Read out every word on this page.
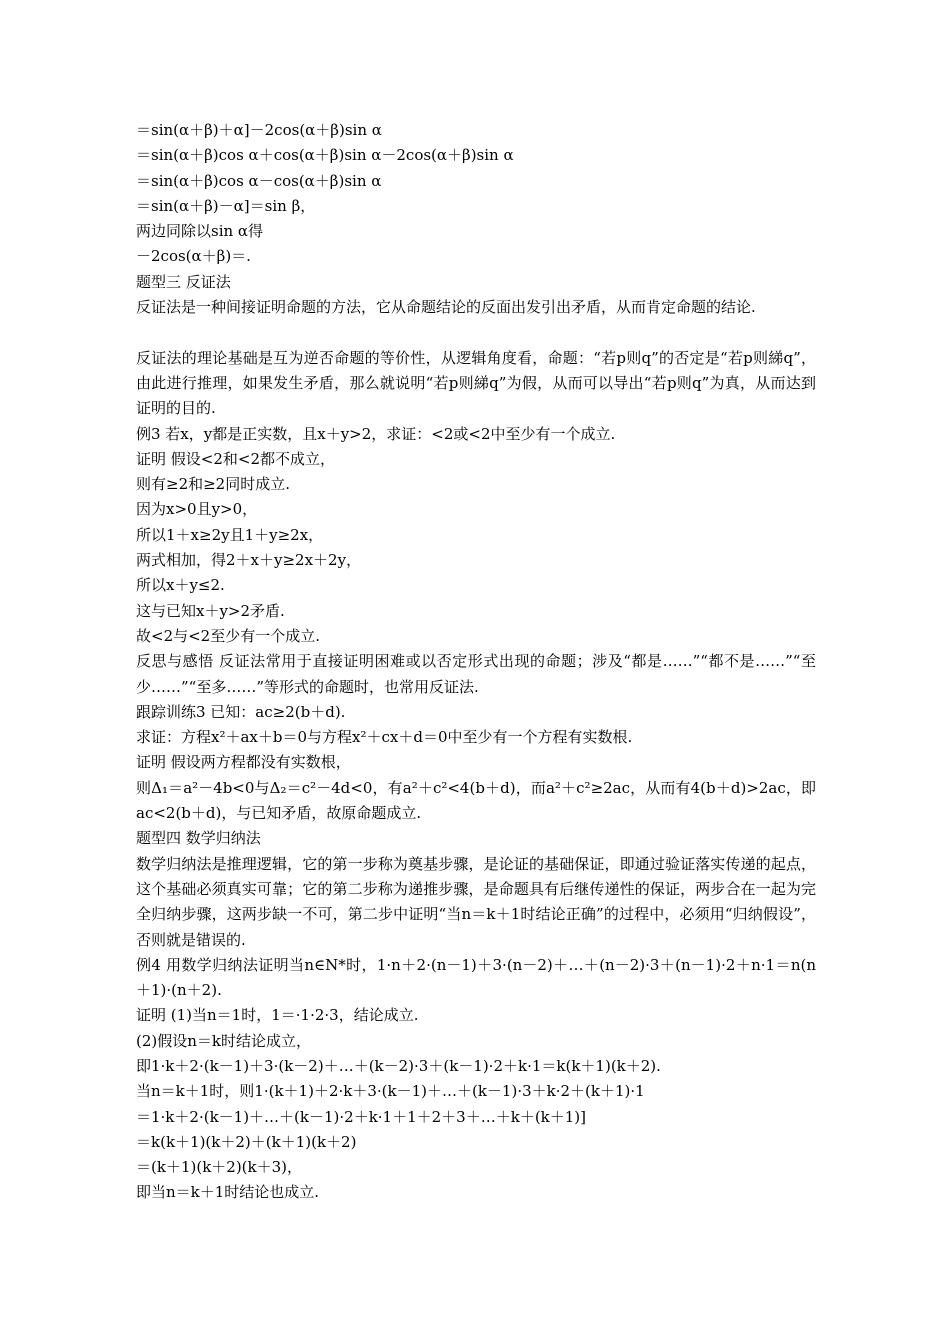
＝sin(α＋β)＋α]－2cos(α＋β)sin α
＝sin(α＋β)cos α＋cos(α＋β)sin α－2cos(α＋β)sin α
＝sin(α＋β)cos α－cos(α＋β)sin α
＝sin(α＋β)－α]＝sin β，
两边同除以sin α得
－2cos(α＋β)＝.
题型三 反证法
反证法是一种间接证明命题的方法，它从命题结论的反面出发引出矛盾，从而肯定命题的结论.
反证法的理论基础是互为逆否命题的等价性，从逻辑角度看，命题：“若p则q”的否定是“若p则綈q”，由此进行推理，如果发生矛盾，那么就说明“若p则綈q”为假，从而可以导出“若p则q”为真，从而达到证明的目的.
例3 若x，y都是正实数，且x＋y>2，求证：<2或<2中至少有一个成立.
证明 假设<2和<2都不成立，
则有≥2和≥2同时成立.
因为x>0且y>0，
所以1＋x≥2y且1＋y≥2x，
两式相加，得2＋x＋y≥2x＋2y，
所以x＋y≤2.
这与已知x＋y>2矛盾.
故<2与<2至少有一个成立.
反思与感悟 反证法常用于直接证明困难或以否定形式出现的命题；涉及“都是……”“都不是……”“至少……”“至多……”等形式的命题时，也常用反证法.
跟踪训练3 已知：ac≥2(b＋d).
求证：方程x²＋ax＋b＝0与方程x²＋cx＋d＝0中至少有一个方程有实数根.
证明 假设两方程都没有实数根，
则Δ₁＝a²－4b<0与Δ₂＝c²－4d<0，有a²＋c²<4(b＋d)，而a²＋c²≥2ac，从而有4(b＋d)>2ac，即ac<2(b＋d)，与已知矛盾，故原命题成立.
题型四 数学归纳法
数学归纳法是推理逻辑，它的第一步称为奠基步骤，是论证的基础保证，即通过验证落实传递的起点，这个基础必须真实可靠；它的第二步称为递推步骤，是命题具有后继传递性的保证，两步合在一起为完全归纳步骤，这两步缺一不可，第二步中证明“当n＝k＋1时结论正确”的过程中，必须用“归纳假设”，否则就是错误的.
例4 用数学归纳法证明当n∈N*时，1·n＋2·(n－1)＋3·(n－2)＋…＋(n－2)·3＋(n－1)·2＋n·1＝n(n＋1)·(n＋2).
证明 (1)当n＝1时，1＝·1·2·3，结论成立.
(2)假设n＝k时结论成立，
即1·k＋2·(k－1)＋3·(k－2)＋…＋(k－2)·3＋(k－1)·2＋k·1＝k(k＋1)(k＋2).
当n＝k＋1时，则1·(k＋1)＋2·k＋3·(k－1)＋…＋(k－1)·3＋k·2＋(k＋1)·1
＝1·k＋2·(k－1)＋…＋(k－1)·2＋k·1＋1＋2＋3＋…＋k＋(k＋1)]
＝k(k＋1)(k＋2)＋(k＋1)(k＋2)
＝(k＋1)(k＋2)(k＋3)，
即当n＝k＋1时结论也成立.
